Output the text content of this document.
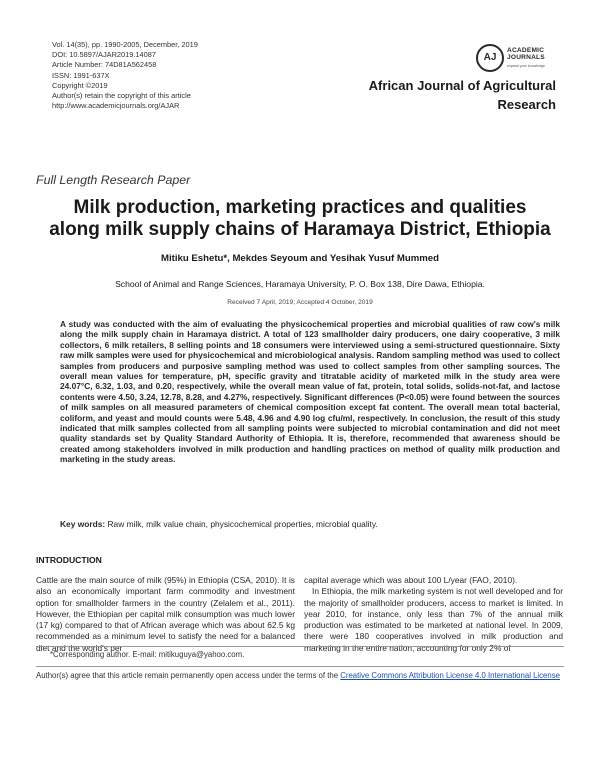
Vol. 14(35), pp. 1990-2005, December, 2019
DOI: 10.5897/AJAR2019.14087
Article Number: 74D81A562458
ISSN: 1991-637X
Copyright ©2019
Author(s) retain the copyright of this article
http://www.academicjournals.org/AJAR
AJ
ACADEMIC
JOURNALS
expand your knowledge
African Journal of Agricultural Research
Full Length Research Paper
Milk production, marketing practices and qualities
along milk supply chains of Haramaya District, Ethiopia
Mitiku Eshetu*, Mekdes Seyoum and Yesihak Yusuf Mummed
School of Animal and Range Sciences, Haramaya University, P. O. Box 138, Dire Dawa, Ethiopia.
Received 7 April, 2019; Accepted 4 October, 2019
A study was conducted with the aim of evaluating the physicochemical properties and microbial qualities of raw cow's milk along the milk supply chain in Haramaya district. A total of 123 smallholder dairy producers, one dairy cooperative, 3 milk collectors, 6 milk retailers, 8 selling points and 18 consumers were interviewed using a semi-structured questionnaire. Sixty raw milk samples were used for physicochemical and microbiological analysis. Random sampling method was used to collect samples from producers and purposive sampling method was used to collect samples from other sampling sources. The overall mean values for temperature, pH, specific gravity and titratable acidity of marketed milk in the study area were 24.07°C, 6.32, 1.03, and 0.20, respectively, while the overall mean value of fat, protein, total solids, solids-not-fat, and lactose contents were 4.50, 3.24, 12.78, 8.28, and 4.27%, respectively. Significant differences (P<0.05) were found between the sources of milk samples on all measured parameters of chemical composition except fat content. The overall mean total bacterial, coliform, and yeast and mould counts were 5.48, 4.96 and 4.90 log cfu/ml, respectively. In conclusion, the result of this study indicated that milk samples collected from all sampling points were subjected to microbial contamination and did not meet quality standards set by Quality Standard Authority of Ethiopia. It is, therefore, recommended that awareness should be created among stakeholders involved in milk production and handling practices on method of quality milk production and marketing in the study areas.
Key words: Raw milk, milk value chain, physicochemical properties, microbial quality.
INTRODUCTION

Cattle are the main source of milk (95%) in Ethiopia (CSA, 2010). It is also an economically important farm commodity and investment option for smallholder farmers in the country (Zelalem et al., 2011). However, the Ethiopian per capital milk consumption was much lower (17 kg) compared to that of African average which was about 62.5 kg recommended as a minimum level to satisfy the need for a balanced diet and the world's per

capital average which was about 100 L/year (FAO, 2010).

In Ethiopia, the milk marketing system is not well developed and for the majority of smallholder producers, access to market is limited. In year 2010, for instance, only less than 7% of the annual milk production was estimated to be marketed at national level. In 2009, there were 180 cooperatives involved in milk production and marketing in the entire nation, accounting for only 2% of

*Corresponding author. E-mail: mitikuguya@yahoo.com.
Author(s) agree that this article remain permanently open access under the terms of the Creative Commons Attribution License 4.0 International License
